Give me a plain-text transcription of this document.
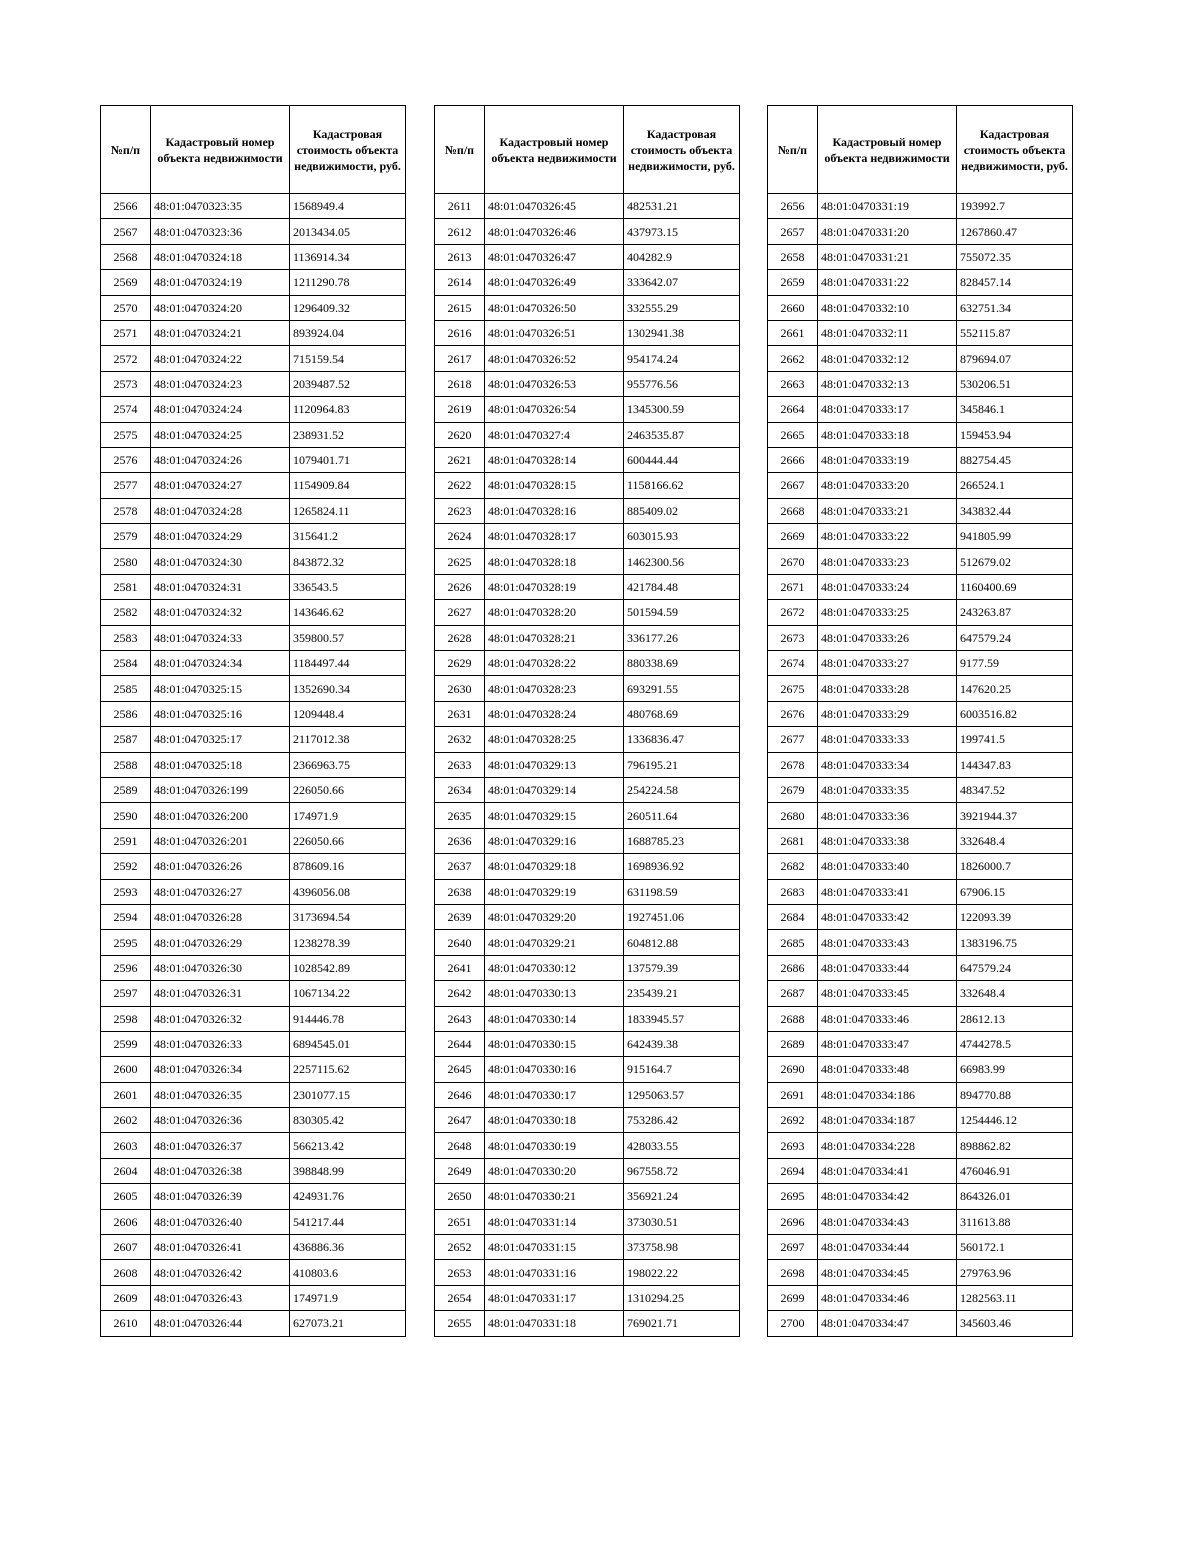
№п/п	Кадастровый номер объекта недвижимости	Кадастровая стоимость объекта недвижимости, руб.
2566	48:01:0470323:35	1568949.4
2567	48:01:0470323:36	2013434.05
2568	48:01:0470324:18	1136914.34
2569	48:01:0470324:19	1211290.78
2570	48:01:0470324:20	1296409.32
2571	48:01:0470324:21	893924.04
2572	48:01:0470324:22	715159.54
2573	48:01:0470324:23	2039487.52
2574	48:01:0470324:24	1120964.83
2575	48:01:0470324:25	238931.52
2576	48:01:0470324:26	1079401.71
2577	48:01:0470324:27	1154909.84
2578	48:01:0470324:28	1265824.11
2579	48:01:0470324:29	315641.2
2580	48:01:0470324:30	843872.32
2581	48:01:0470324:31	336543.5
2582	48:01:0470324:32	143646.62
2583	48:01:0470324:33	359800.57
2584	48:01:0470324:34	1184497.44
2585	48:01:0470325:15	1352690.34
2586	48:01:0470325:16	1209448.4
2587	48:01:0470325:17	2117012.38
2588	48:01:0470325:18	2366963.75
2589	48:01:0470326:199	226050.66
2590	48:01:0470326:200	174971.9
2591	48:01:0470326:201	226050.66
2592	48:01:0470326:26	878609.16
2593	48:01:0470326:27	4396056.08
2594	48:01:0470326:28	3173694.54
2595	48:01:0470326:29	1238278.39
2596	48:01:0470326:30	1028542.89
2597	48:01:0470326:31	1067134.22
2598	48:01:0470326:32	914446.78
2599	48:01:0470326:33	6894545.01
2600	48:01:0470326:34	2257115.62
2601	48:01:0470326:35	2301077.15
2602	48:01:0470326:36	830305.42
2603	48:01:0470326:37	566213.42
2604	48:01:0470326:38	398848.99
2605	48:01:0470326:39	424931.76
2606	48:01:0470326:40	541217.44
2607	48:01:0470326:41	436886.36
2608	48:01:0470326:42	410803.6
2609	48:01:0470326:43	174971.9
2610	48:01:0470326:44	627073.21
№п/п	Кадастровый номер объекта недвижимости	Кадастровая стоимость объекта недвижимости, руб.
2611	48:01:0470326:45	482531.21
2612	48:01:0470326:46	437973.15
2613	48:01:0470326:47	404282.9
2614	48:01:0470326:49	333642.07
2615	48:01:0470326:50	332555.29
2616	48:01:0470326:51	1302941.38
2617	48:01:0470326:52	954174.24
2618	48:01:0470326:53	955776.56
2619	48:01:0470326:54	1345300.59
2620	48:01:0470327:4	2463535.87
2621	48:01:0470328:14	600444.44
2622	48:01:0470328:15	1158166.62
2623	48:01:0470328:16	885409.02
2624	48:01:0470328:17	603015.93
2625	48:01:0470328:18	1462300.56
2626	48:01:0470328:19	421784.48
2627	48:01:0470328:20	501594.59
2628	48:01:0470328:21	336177.26
2629	48:01:0470328:22	880338.69
2630	48:01:0470328:23	693291.55
2631	48:01:0470328:24	480768.69
2632	48:01:0470328:25	1336836.47
2633	48:01:0470329:13	796195.21
2634	48:01:0470329:14	254224.58
2635	48:01:0470329:15	260511.64
2636	48:01:0470329:16	1688785.23
2637	48:01:0470329:18	1698936.92
2638	48:01:0470329:19	631198.59
2639	48:01:0470329:20	1927451.06
2640	48:01:0470329:21	604812.88
2641	48:01:0470330:12	137579.39
2642	48:01:0470330:13	235439.21
2643	48:01:0470330:14	1833945.57
2644	48:01:0470330:15	642439.38
2645	48:01:0470330:16	915164.7
2646	48:01:0470330:17	1295063.57
2647	48:01:0470330:18	753286.42
2648	48:01:0470330:19	428033.55
2649	48:01:0470330:20	967558.72
2650	48:01:0470330:21	356921.24
2651	48:01:0470331:14	373030.51
2652	48:01:0470331:15	373758.98
2653	48:01:0470331:16	198022.22
2654	48:01:0470331:17	1310294.25
2655	48:01:0470331:18	769021.71
№п/п	Кадастровый номер объекта недвижимости	Кадастровая стоимость объекта недвижимости, руб.
2656	48:01:0470331:19	193992.7
2657	48:01:0470331:20	1267860.47
2658	48:01:0470331:21	755072.35
2659	48:01:0470331:22	828457.14
2660	48:01:0470332:10	632751.34
2661	48:01:0470332:11	552115.87
2662	48:01:0470332:12	879694.07
2663	48:01:0470332:13	530206.51
2664	48:01:0470333:17	345846.1
2665	48:01:0470333:18	159453.94
2666	48:01:0470333:19	882754.45
2667	48:01:0470333:20	266524.1
2668	48:01:0470333:21	343832.44
2669	48:01:0470333:22	941805.99
2670	48:01:0470333:23	512679.02
2671	48:01:0470333:24	1160400.69
2672	48:01:0470333:25	243263.87
2673	48:01:0470333:26	647579.24
2674	48:01:0470333:27	9177.59
2675	48:01:0470333:28	147620.25
2676	48:01:0470333:29	6003516.82
2677	48:01:0470333:33	199741.5
2678	48:01:0470333:34	144347.83
2679	48:01:0470333:35	48347.52
2680	48:01:0470333:36	3921944.37
2681	48:01:0470333:38	332648.4
2682	48:01:0470333:40	1826000.7
2683	48:01:0470333:41	67906.15
2684	48:01:0470333:42	122093.39
2685	48:01:0470333:43	1383196.75
2686	48:01:0470333:44	647579.24
2687	48:01:0470333:45	332648.4
2688	48:01:0470333:46	28612.13
2689	48:01:0470333:47	4744278.5
2690	48:01:0470333:48	66983.99
2691	48:01:0470334:186	894770.88
2692	48:01:0470334:187	1254446.12
2693	48:01:0470334:228	898862.82
2694	48:01:0470334:41	476046.91
2695	48:01:0470334:42	864326.01
2696	48:01:0470334:43	311613.88
2697	48:01:0470334:44	560172.1
2698	48:01:0470334:45	279763.96
2699	48:01:0470334:46	1282563.11
2700	48:01:0470334:47	345603.46
